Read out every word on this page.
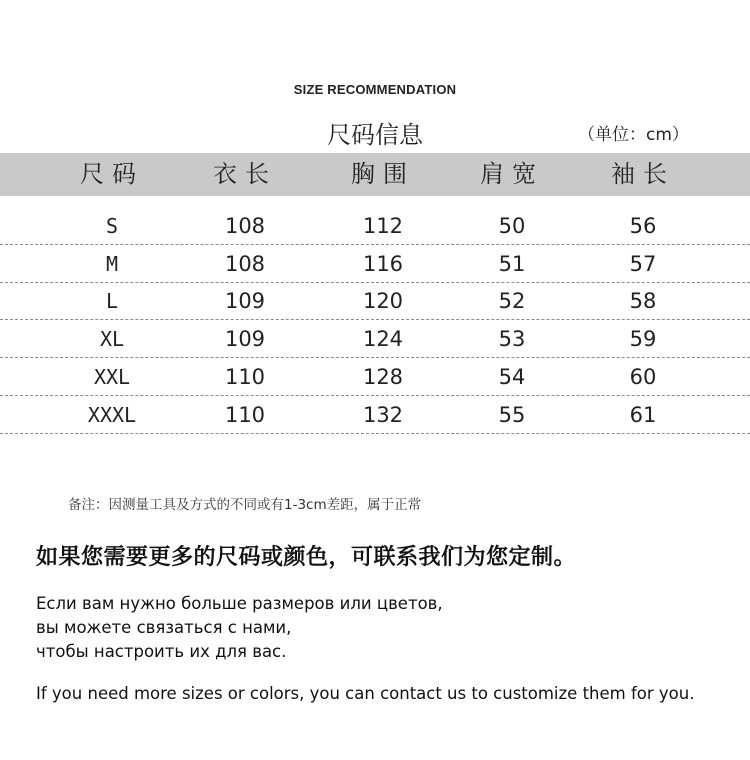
SIZE RECOMMENDATION
尺码信息	（单位：cm）
尺码	衣长	胸围	肩宽	袖长
S	108	112	50	56
M	108	116	51	57
L	109	120	52	58
XL	109	124	53	59
XXL	110	128	54	60
XXXL	110	132	55	61
备注：因测量工具及方式的不同或有1-3cm差距，属于正常
如果您需要更多的尺码或颜色，可联系我们为您定制。
Если вам нужно больше размеров или цветов,
вы можете связаться с нами,
чтобы настроить их для вас.
If you need more sizes or colors, you can contact us to customize them for you.
